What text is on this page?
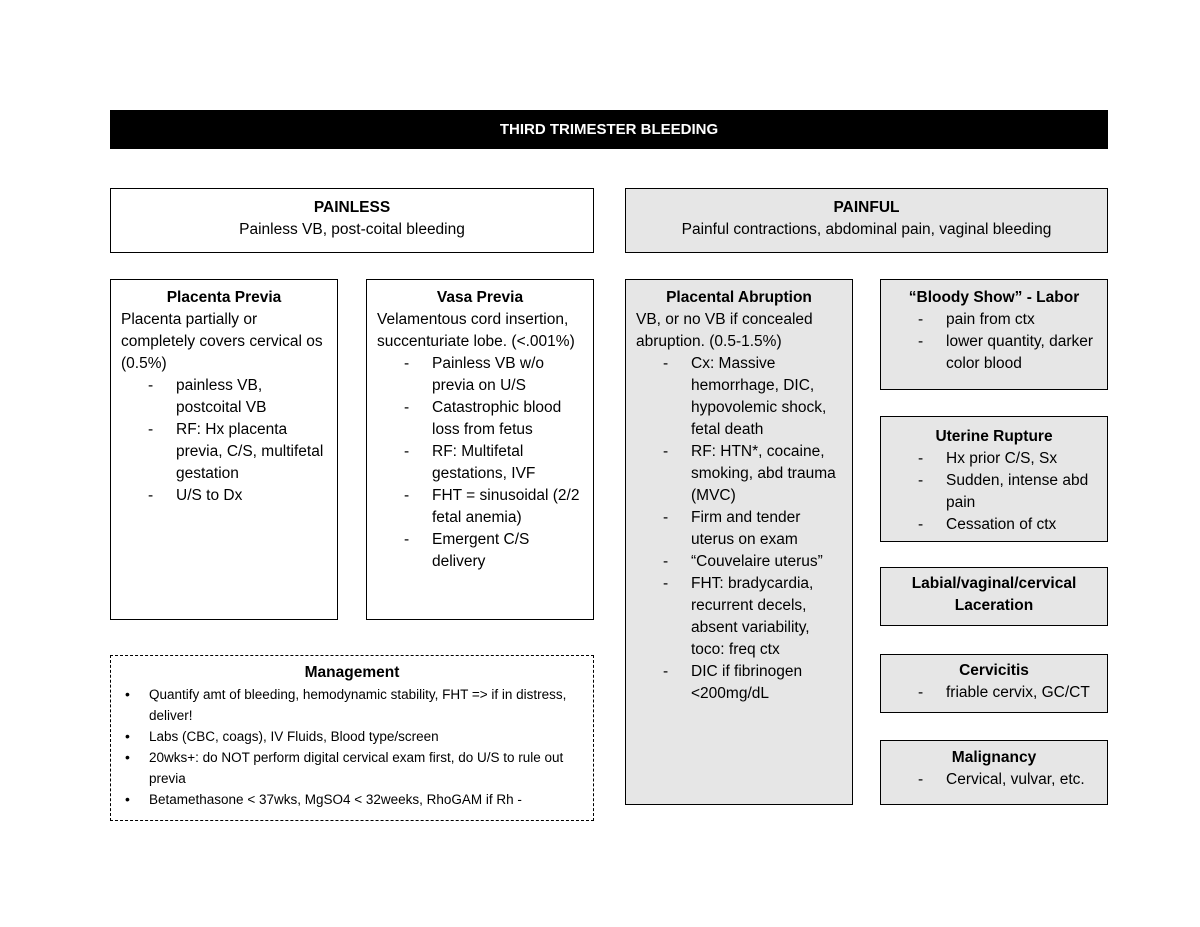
THIRD TRIMESTER BLEEDING
PAINLESS
Painless VB, post-coital bleeding
PAINFUL
Painful contractions, abdominal pain, vaginal bleeding
Placenta Previa
Placenta partially or completely covers cervical os (0.5%)
- painless VB, postcoital VB
- RF: Hx placenta previa, C/S, multifetal gestation
- U/S to Dx
Vasa Previa
Velamentous cord insertion, succenturiate lobe. (<.001%)
- Painless VB w/o previa on U/S
- Catastrophic blood loss from fetus
- RF: Multifetal gestations, IVF
- FHT = sinusoidal (2/2 fetal anemia)
- Emergent C/S delivery
Placental Abruption
VB, or no VB if concealed abruption. (0.5-1.5%)
- Cx: Massive hemorrhage, DIC, hypovolemic shock, fetal death
- RF: HTN*, cocaine, smoking, abd trauma (MVC)
- Firm and tender uterus on exam
- “Couvelaire uterus”
- FHT: bradycardia, recurrent decels, absent variability, toco: freq ctx
- DIC if fibrinogen <200mg/dL
“Bloody Show” - Labor
- pain from ctx
- lower quantity, darker color blood
Uterine Rupture
- Hx prior C/S, Sx
- Sudden, intense abd pain
- Cessation of ctx
Labial/vaginal/cervical Laceration
Cervicitis
- friable cervix, GC/CT
Malignancy
- Cervical, vulvar, etc.
Management
• Quantify amt of bleeding, hemodynamic stability, FHT => if in distress, deliver!
• Labs (CBC, coags), IV Fluids, Blood type/screen
• 20wks+: do NOT perform digital cervical exam first, do U/S to rule out previa
• Betamethasone < 37wks, MgSO4 < 32weeks, RhoGAM if Rh -
